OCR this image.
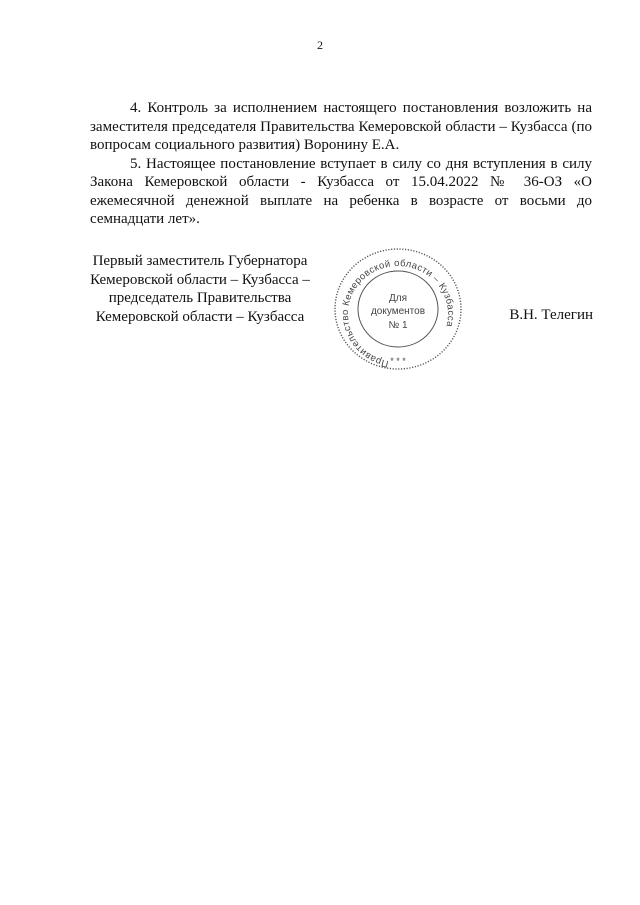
2

4. Контроль за исполнением настоящего постановления возложить на заместителя председателя Правительства Кемеровской области – Кузбасса (по вопросам социального развития) Воронину Е.А.

5. Настоящее постановление вступает в силу со дня вступления в силу Закона Кемеровской области - Кузбасса от 15.04.2022 № 36-ОЗ «О ежемесячной денежной выплате на ребенка в возрасте от восьми до семнадцати лет».

Первый заместитель Губернатора
Кемеровской области – Кузбасса –
председатель Правительства
Кемеровской области – Кузбасса
Правительство Кемеровской области – Кузбасса
Для
документов
№ 1
* * *
В.Н. Телегин
